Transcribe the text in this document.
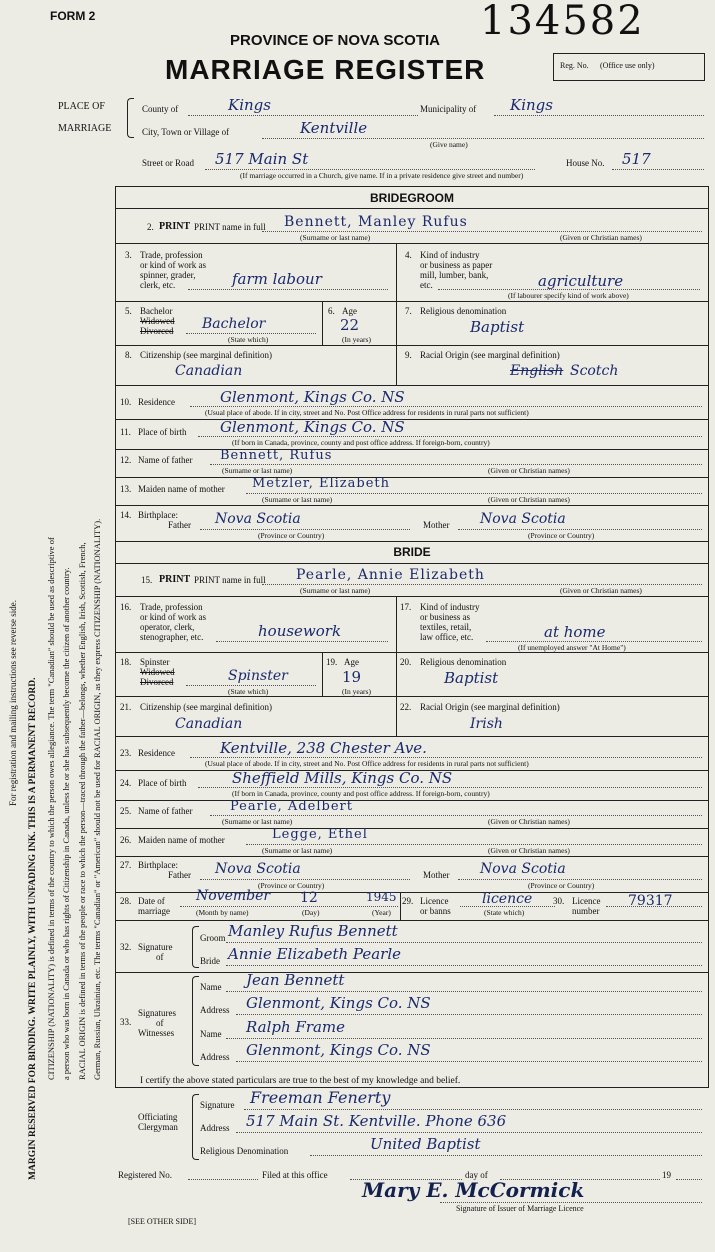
FORM 2	134582
PROVINCE OF NOVA SCOTIA
MARRIAGE REGISTER	Reg. No. (Office use only)
PLACE OF
MARRIAGE
County of	Kings	Municipality of Kings
City, Town or Village of	Kentville
(Give name)
Street or Road 517 Main St	House No. 517
(If marriage occurred in a Church, give name. If in a private residence give street and number)
For registration and mailing instructions see reverse side. MARGIN RESERVED FOR BINDING. WRITE PLAINLY, WITH UNFADING INK. THIS IS A PERMANENT RECORD. CITIZENSHIP (NATIONALITY) is defined in terms of the country to which the person owes allegiance. The term "Canadian" should be used as descriptive of a person who was born in Canada or who has rights of Citizenship in Canada, unless he or she has subsequently become the citizen of another country. RACIAL ORIGIN is defined in terms of the people or race to which the person—traced through the father—belongs, whether English, Irish, Scottish, French, German, Russian, Ukrainian, etc. The terms "Canadian" or "American" should not be used for RACIAL ORIGIN, as they express CITIZENSHIP (NATIONALITY).
BRIDEGROOM
2. PRINT PRINT name in full Bennett, Manley Rufus
(Surname or last name)	(Given or Christian names)
3. Trade, profession
or kind of work as
spinner, grader,
clerk, etc.	farm labour
4. Kind of industry
or business as paper
mill, lumber, bank,
etc.	agriculture
(If labourer specify kind of work above)
5. Bachelor
Widowed
Divorced Bachelor
(State which)
6. Age
22
(In years)
7. Religious denomination
Baptist
8. Citizenship (see marginal definition)
Canadian
9. Racial Origin (see marginal definition)
English Scotch
10. Residence	Glenmont, Kings Co. NS
(Usual place of abode. If in city, street and No. Post Office address for residents in rural parts not sufficient)
11. Place of birth Glenmont, Kings Co. NS
(If born in Canada, province, county and post office address. If foreign-born, country)
12. Name of father Bennett, Rufus
(Surname or last name)	(Given or Christian names)
13. Maiden name of mother Metzler, Elizabeth
(Surname or last name)	(Given or Christian names)
14. Birthplace:
Father Nova Scotia
(Province or Country)
Mother Nova Scotia
(Province or Country)
BRIDE
15. PRINT PRINT name in full Pearle, Annie Elizabeth
(Surname or last name)	(Given or Christian names)
16. Trade, profession
or kind of work as
operator, clerk,
stenographer, etc.	housework
17. Kind of industry
or business as
textiles, retail,
law office, etc.	at home
(If unemployed answer "At Home")
18. Spinster
Widowed
Divorced	Spinster
(State which)
19. Age
19
(In years)
20. Religious denomination
Baptist
21. Citizenship (see marginal definition)
Canadian
22. Racial Origin (see marginal definition)
Irish
23. Residence	Kentville, 238 Chester Ave.
(Usual place of abode. If in city, street and No. Post Office address for residents in rural parts not sufficient)
24. Place of birth	Sheffield Mills, Kings Co. NS
(If born in Canada, province, county and post office address. If foreign-born, country)
25. Name of father	Pearle, Adelbert
(Surname or last name)	(Given or Christian names)
26. Maiden name of mother	Legge, Ethel
(Surname or last name)	(Given or Christian names)
27. Birthplace:
Father Nova Scotia
(Province or Country)
Mother Nova Scotia
(Province or Country)
28. Date of
marriage
November 12	1945
(Month by name)	(Day)	(Year)
29. Licence
or banns
licence
(State which)
30. Licence
number
79317
32. Signature
of
Groom Manley Rufus Bennett
Bride Annie Elizabeth Pearle
33.
Signatures
of
Witnesses
Name Jean Bennett
Address Glenmont, Kings Co. NS
Name Ralph Frame
Address Glenmont, Kings Co. NS
I certify the above stated particulars are true to the best of my knowledge and belief.
Officiating
Clergyman
Signature Freeman Fenerty
Address 517 Main St. Kentville. Phone 636
Religious Denomination	United Baptist
Registered No.	Filed at this office	day of	19
Mary E. McCormick
Signature of Issuer of Marriage Licence
[SEE OTHER SIDE]
